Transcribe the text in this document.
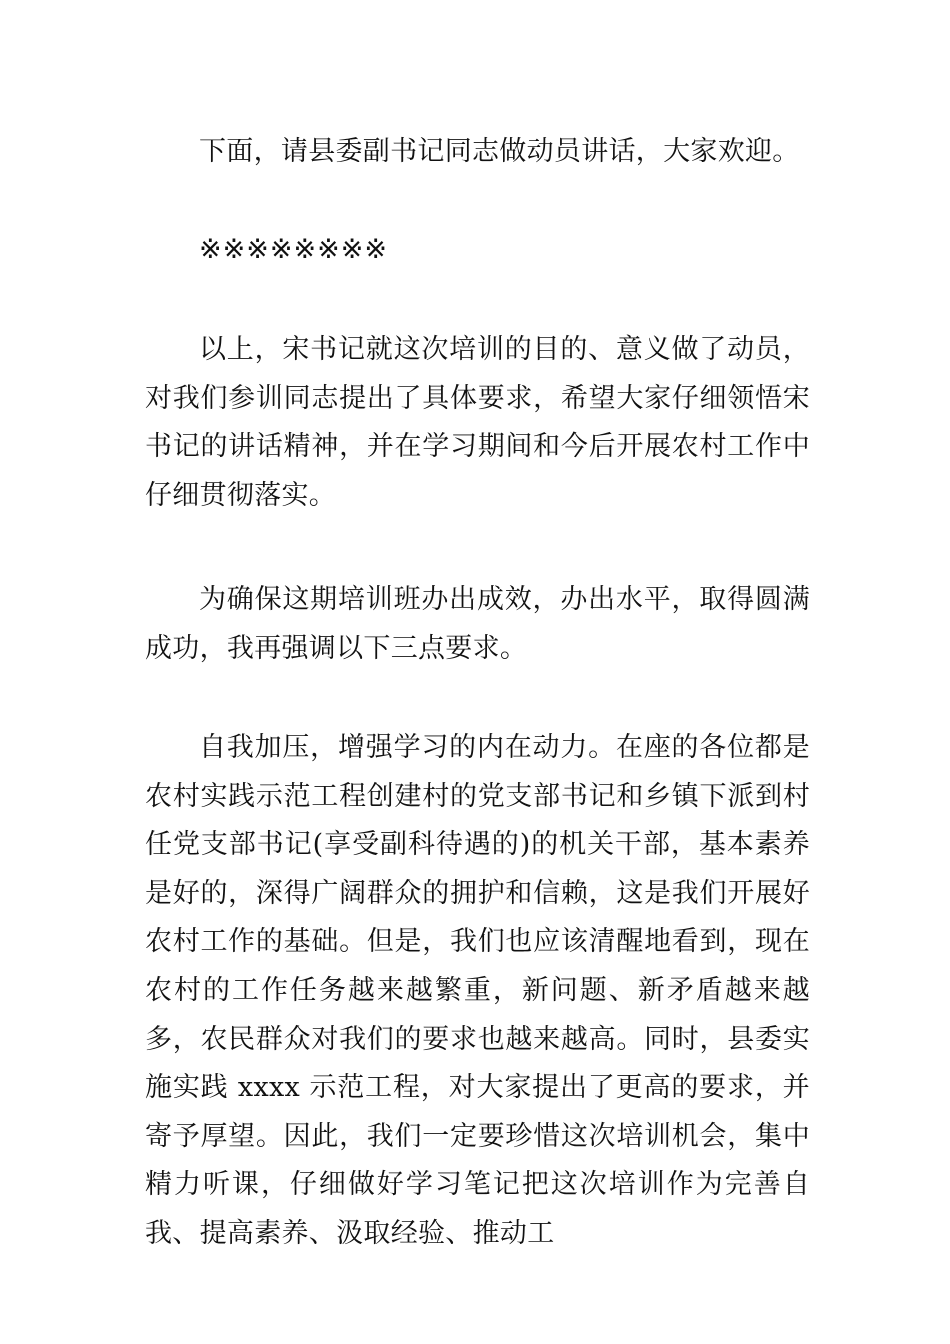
下面，请县委副书记同志做动员讲话，大家欢迎。

※※※※※※※※

以上，宋书记就这次培训的目的、意义做了动员，对我们参训同志提出了具体要求，希望大家仔细领悟宋书记的讲话精神，并在学习期间和今后开展农村工作中仔细贯彻落实。

为确保这期培训班办出成效，办出水平，取得圆满成功，我再强调以下三点要求。

自我加压，增强学习的内在动力。在座的各位都是农村实践示范工程创建村的党支部书记和乡镇下派到村任党支部书记(享受副科待遇的)的机关干部，基本素养是好的，深得广阔群众的拥护和信赖，这是我们开展好农村工作的基础。但是，我们也应该清醒地看到，现在农村的工作任务越来越繁重，新问题、新矛盾越来越多，农民群众对我们的要求也越来越高。同时，县委实施实践 xxxx 示范工程，对大家提出了更高的要求，并寄予厚望。因此，我们一定要珍惜这次培训机会，集中精力听课，仔细做好学习笔记把这次培训作为完善自我、提高素养、汲取经验、推动工
